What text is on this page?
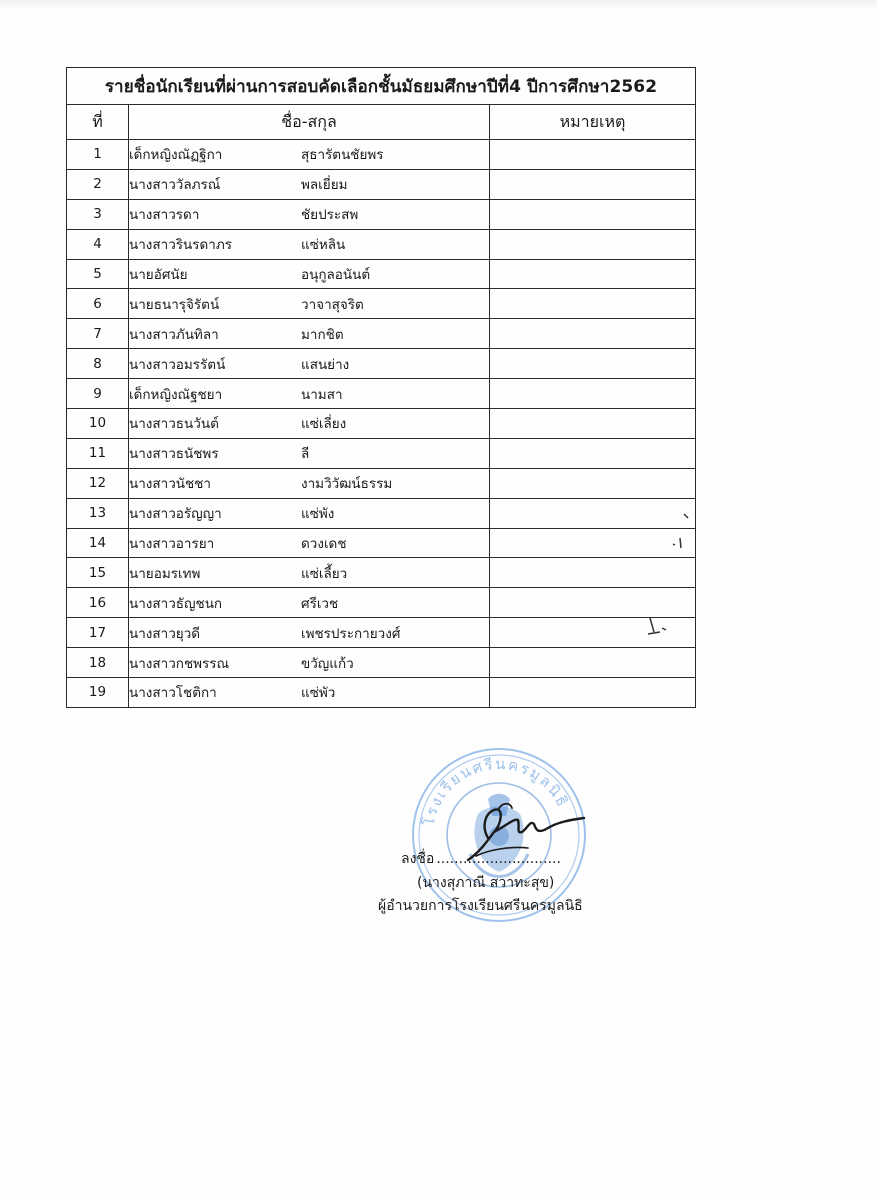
รายชื่อนักเรียนที่ผ่านการสอบคัดเลือกชั้นมัธยมศึกษาปีที่4 ปีการศึกษา2562		
ที่	ชื่อ-สกุล	หมายเหตุ
1	เด็กหญิงณัฏฐิกา สุธารัตนชัยพร	
2	นางสาววัลภรณ์ พลเยี่ยม	
3	นางสาวรดา ชัยประสพ	
4	นางสาวรินรดาภร แซ่หลิน	
5	นายอัศนัย อนุกูลอนันต์	
6	นายธนารุจิรัตน์ วาจาสุจริต	
7	นางสาวภันทิลา มากชิต	
8	นางสาวอมรรัตน์ แสนย่าง	
9	เด็กหญิงณัฐชยา นามสา	
10	นางสาวธนวันต์ แซ่เลี่ยง	
11	นางสาวธนัชพร ลี	
12	นางสาวนัชชา งามวิวัฒน์ธรรม	
13	นางสาวอรัญญา แซ่พัง	
14	นางสาวอารยา ดวงเดช	
15	นายอมรเทพ แซ่เลี้ยว	
16	นางสาวธัญชนก ศรีเวช	
17	นางสาวยุวดี เพชรประกายวงศ์	
18	นางสาวกชพรรณ ขวัญแก้ว	
19	นางสาวโชติกา แซ่พัว	
โรงเรียนศรีนครมูลนิธิ
ลงชื่อ ............................
(นางสุภาณี สวาทะสุข)
ผู้อำนวยการโรงเรียนศรีนครมูลนิธิ
